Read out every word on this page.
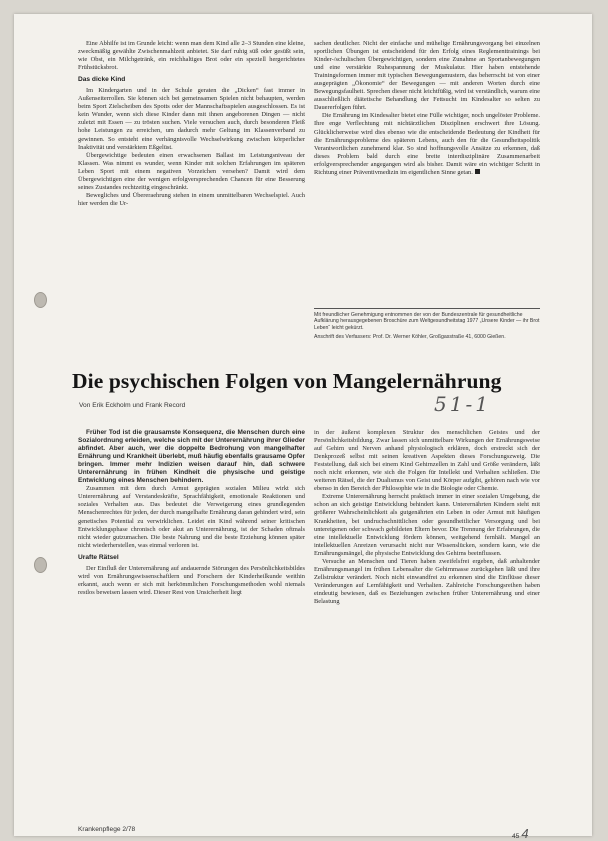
Eine Abhilfe ist im Grunde leicht: wenn man dem Kind alle 2–3 Stunden eine kleine, zweckmäßig gewählte Zwischenmahlzeit anbietet. Sie darf ruhig süß oder gesüßt sein, wie Obst, ein Milchgetränk, ein reichhaltiges Brot oder ein speziell hergerichtetes Frühstücksbrot.

Das dicke Kind

Im Kindergarten und in der Schule geraten die „Dicken“ fast immer in Außenseiterrollen. Sie können sich bei gemeinsamen Spielen nicht behaupten, werden beim Sport Zielscheiben des Spotts oder der Mannschaftsspielen ausgeschlossen. Es ist kein Wunder, wenn sich diese Kinder dann mit ihnen angeborenen Dingen — nicht zuletzt mit Essen — zu trösten suchen. Viele versuchen auch, durch besonderen Fleiß hohe Leistungen zu erreichen, um dadurch mehr Geltung im Klassenverband zu gewinnen. So entsteht eine verhängnisvolle Wechselwirkung zwischen körperlicher Inaktivität und verstärktem Eßgelüst.

Übergewichtige bedeuten einen erwachsenen Ballast im Leistungsniveau der Klassen. Was nimmt es wunder, wenn Kinder mit solchen Erfahrungen im späteren Leben Sport mit einem negativen Vorzeichen versehen? Damit wird dem Übergewichtigen eine der wenigen erfolgversprechenden Chancen für eine Besserung seines Zustandes rechtzeitig eingeschränkt.

Bewegliches und Übereraehrung stehen in einem unmittelbaren Wechselspiel. Auch hier werden die Ur-

sachen deutlicher. Nicht der einfache und mühelige Ernährungsvorgang bei einzelnen sportlichen Übungen ist entscheidend für den Erfolg eines Reglementtrainings bei Kinder-/schulischen Übergewichtigen, sondern eine Zunahme an Sportanbewegungen und eine verstärkte Ruhespannung der Muskulatur. Hier haben entstehende Trainingsformen immer mit typischen Bewegungsmustern, das beherrscht ist von einer ausgeprägten „Ökonomie“ der Bewegungen — mit anderen Worten durch eine Bewegungsfaulheit. Sprechen dieser nicht leichtfüßig, wird ist verständlich, warum eine ausschließlich diätetische Behandlung der Fettsucht im Kindesalter so selten zu Dauererfolgen führt.

Die Ernährung im Kindesalter bietet eine Fülle wichtiger, noch ungelöster Probleme. Ihre enge Verflechtung mit nichtärztlichen Disziplinen erschwert ihre Lösung. Glücklicherweise wird dies ebenso wie die entscheidende Bedeutung der Kindheit für die Ernährungsprobleme des späteren Lebens, auch den für die Gesundheitspolitik Verantwortlichen zunehmend klar. So sind hoffnungsvolle Ansätze zu erkennen, daß dieses Problem bald durch eine breite interdisziplinäre Zusammenarbeit erfolgversprechender angegangen wird als bisher. Damit wäre ein wichtiger Schritt in Richtung einer Präventivmedizin im eigentlichen Sinne getan.

Mit freundlicher Genehmigung entnommen der von der Bundeszentrale für gesundheitliche Aufklärung herausgegebenen Broschüre zum Weltgesundheitstag 1977 „Unsere Kinder — ihr Brot Leben“ leicht gekürzt.

Anschrift des Verfassers: Prof. Dr. Werner Köhler, Großgasstraße 41, 6000 Gießen.

Die psychischen Folgen von Mangelernährung
51-1
Von Erik Eckholm und Frank Record

Früher Tod ist die grausamste Konsequenz, die Menschen durch eine Sozialordnung erleiden, welche sich mit der Unterernährung ihrer Glieder abfindet. Aber auch, wer die doppelte Bedrohung von mangelhafter Ernährung und Krankheit überlebt, muß häufig ebenfalls grausame Opfer bringen. Immer mehr Indizien weisen darauf hin, daß schwere Unterernährung in frühen Kindheit die physische und geistige Entwicklung eines Menschen behindern.

Zusammen mit dem durch Armut geprägten sozialen Milieu wirkt sich Unterernährung auf Verstandeskräfte, Sprachfähigkeit, emotionale Reaktionen und soziales Verhalten aus. Das bedeutet die Verweigerung eines grundlegenden Menschenrechtes für jeden, der durch mangelhafte Ernährung daran gehindert wird, sein genetisches Potential zu verwirklichen. Leidet ein Kind während seiner kritischen Entwicklungsphase chronisch oder akut an Unterernährung, ist der Schaden oftmals nicht wieder gutzumachen. Die beste Nahrung und die beste Erziehung können später nicht wiederherstellen, was einmal verloren ist.

Urafte Rätsel

Der Einfluß der Unterernährung auf andauernde Störungen des Persönlichkeitsbildes wird von Ernährungswissenschaftlern und Forschern der Kinderheilkunde weithin erkannt, auch wenn er sich mit herkömmlichen Forschungsmethoden wohl niemals restlos beweisen lassen wird. Dieser Rest von Unsicherheit liegt

in der äußerst komplexen Struktur des menschlichen Geistes und der Persönlichkeitsbildung. Zwar lassen sich unmittelbare Wirkungen der Ernährungsweise auf Gehirn und Nerven anhand physiologisch erklären, doch erstreckt sich der Denkprozeß selbst mit seinen kreativen Aspekten dieses Forschungszweig. Die Feststellung, daß sich bei einem Kind Gehirnzellen in Zahl und Größe verändern, läßt noch nicht erkennen, wie sich die Folgen für Intellekt und Verhalten schließen. Die weiteren Rätsel, die der Dualismus von Geist und Körper aufgibt, gehören nach wie vor ebenso in den Bereich der Philosophie wie in die Biologie oder Chemie.

Extreme Unterernährung herrscht praktisch immer in einer sozialen Umgebung, die schon an sich geistige Entwicklung behindert kann. Unterernährten Kindern steht mit größerer Wahrscheinlichkeit als gutgenährten ein Leben in oder Armut mit häufigen Krankheiten, bei undruchschnittlichen oder gesundheitlicher Versorgung und bei untereigenen oder schwach gebildeten Eltern bevor. Die Trennung der Erfahrungen, die eine intellektuelle Entwicklung fördern können, weitgehend fernhält. Mangel an intellektuellen Anreizen verursacht nicht nur Wissenslücken, sondern kann, wie die Ernährungsmängel, die physische Entwicklung des Gehirns beeinflussen.

Versuche an Menschen und Tieren haben zweifelsfrei ergeben, daß anhaltender Ernährungsmangel im frühen Lebensalter die Gehirnmasse zurückgehen läßt und ihre Zellstruktur verändert. Noch nicht einwandfrei zu erkennen sind die Einflüsse dieser Veränderungen auf Lernfähigkeit und Verhalten. Zahlreiche Forschungsreihen haben eindeutig bewiesen, daß es Beziehungen zwischen früher Unterernährung und einer Belastung

Krankenpflege 2/78
45 4
